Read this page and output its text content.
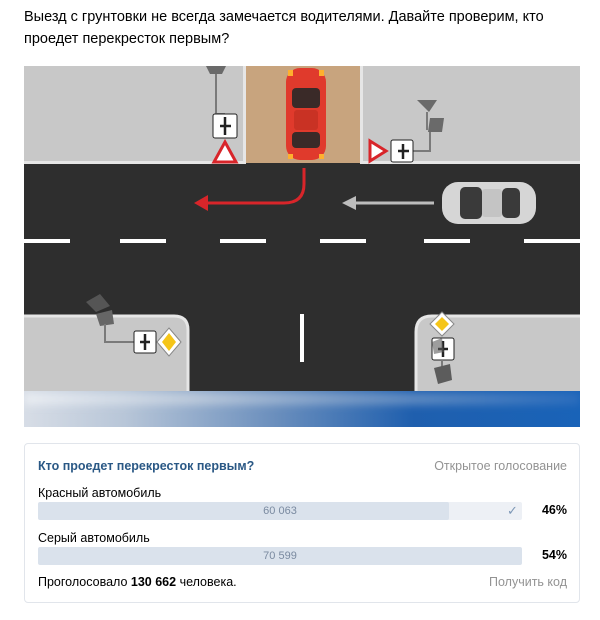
Выезд с грунтовки не всегда замечается водителями. Давайте проверим, кто проедет перекресток первым?
Кто проедет перекресток первым?	Открытое голосование
Красный автомобиль
60 063	✓ 46%
Серый автомобиль
70 599	54%
Проголосовало 130 662 человека.	Получить код
